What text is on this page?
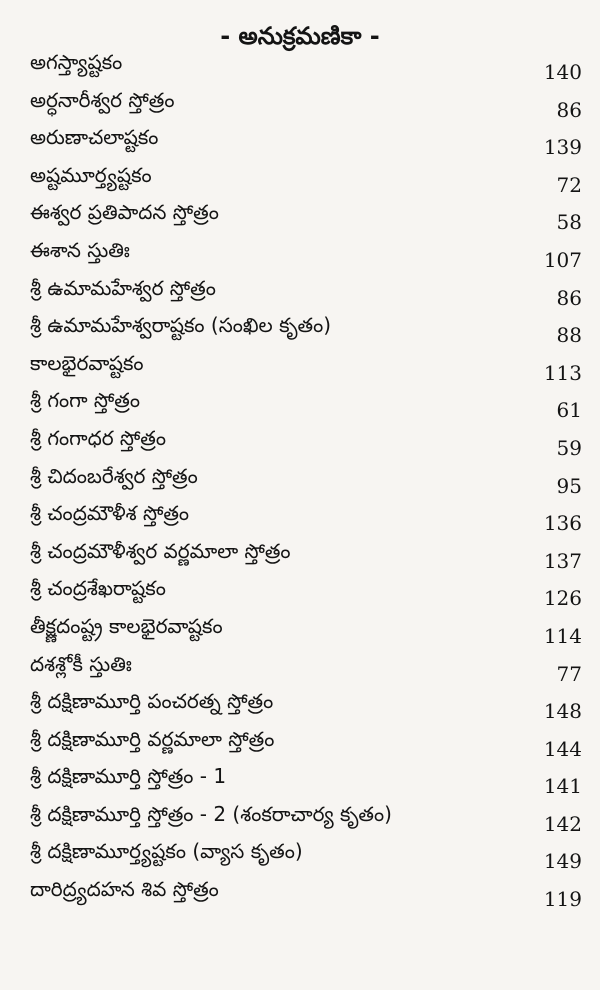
- అనుక్రమణికా -
అగస్త్యాష్టకం	140
అర్ధనారీశ్వర స్తోత్రం	86
అరుణాచలాష్టకం	139
అష్టమూర్త్యష్టకం	72
ఈశ్వర ప్రతిపాదన స్తోత్రం	58
ఈశాన స్తుతిః	107
శ్రీ ఉమామహేశ్వర స్తోత్రం	86
శ్రీ ఉమామహేశ్వరాష్టకం (సంఖిల కృతం)	88
కాలభైరవాష్టకం	113
శ్రీ గంగా స్తోత్రం	61
శ్రీ గంగాధర స్తోత్రం	59
శ్రీ చిదంబరేశ్వర స్తోత్రం	95
శ్రీ చంద్రమౌళీశ స్తోత్రం	136
శ్రీ చంద్రమౌళీశ్వర వర్ణమాలా స్తోత్రం	137
శ్రీ చంద్రశేఖరాష్టకం	126
తీక్ష్ణదంష్ట్ర కాలభైరవాష్టకం	114
దశశ్లోకీ స్తుతిః	77
శ్రీ దక్షిణామూర్తి పంచరత్న స్తోత్రం	148
శ్రీ దక్షిణామూర్తి వర్ణమాలా స్తోత్రం	144
శ్రీ దక్షిణామూర్తి స్తోత్రం - 1	141
శ్రీ దక్షిణామూర్తి స్తోత్రం - 2 (శంకరాచార్య కృతం)	142
శ్రీ దక్షిణామూర్త్యష్టకం (వ్యాస కృతం)	149
దారిద్ర్యదహన శివ స్తోత్రం	119
